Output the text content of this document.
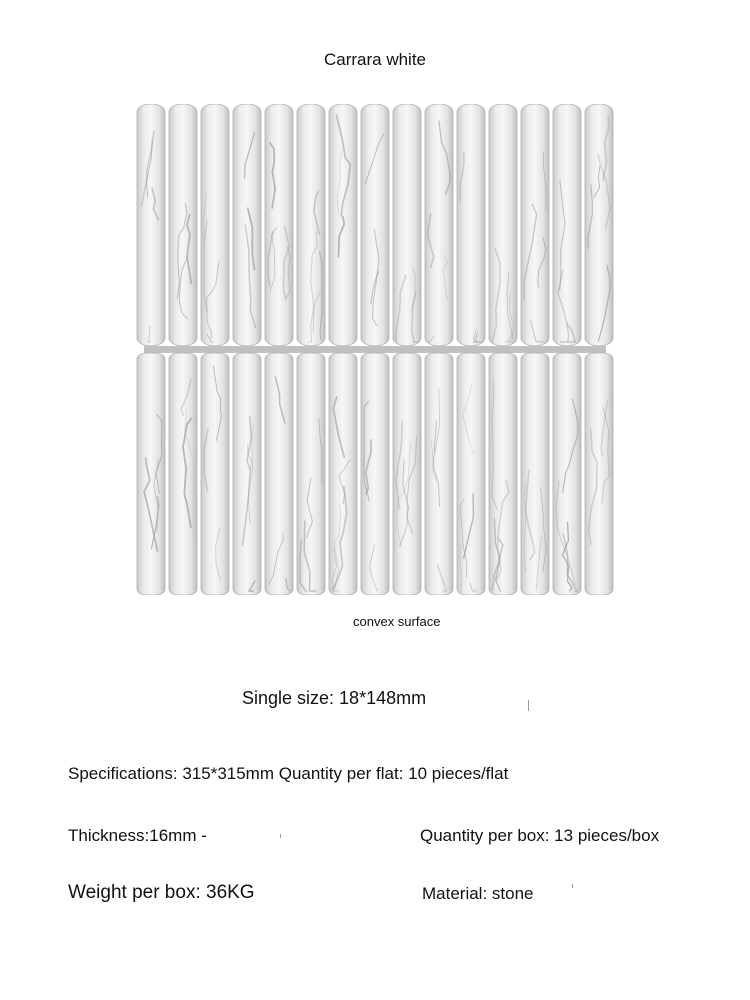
Carrara white
convex surface
Single size: 18*148mm
Specifications: 315*315mm Quantity per flat: 10 pieces/flat
Thickness:16mm -	Quantity per box: 13 pieces/box
Weight per box: 36KG	Material: stone
